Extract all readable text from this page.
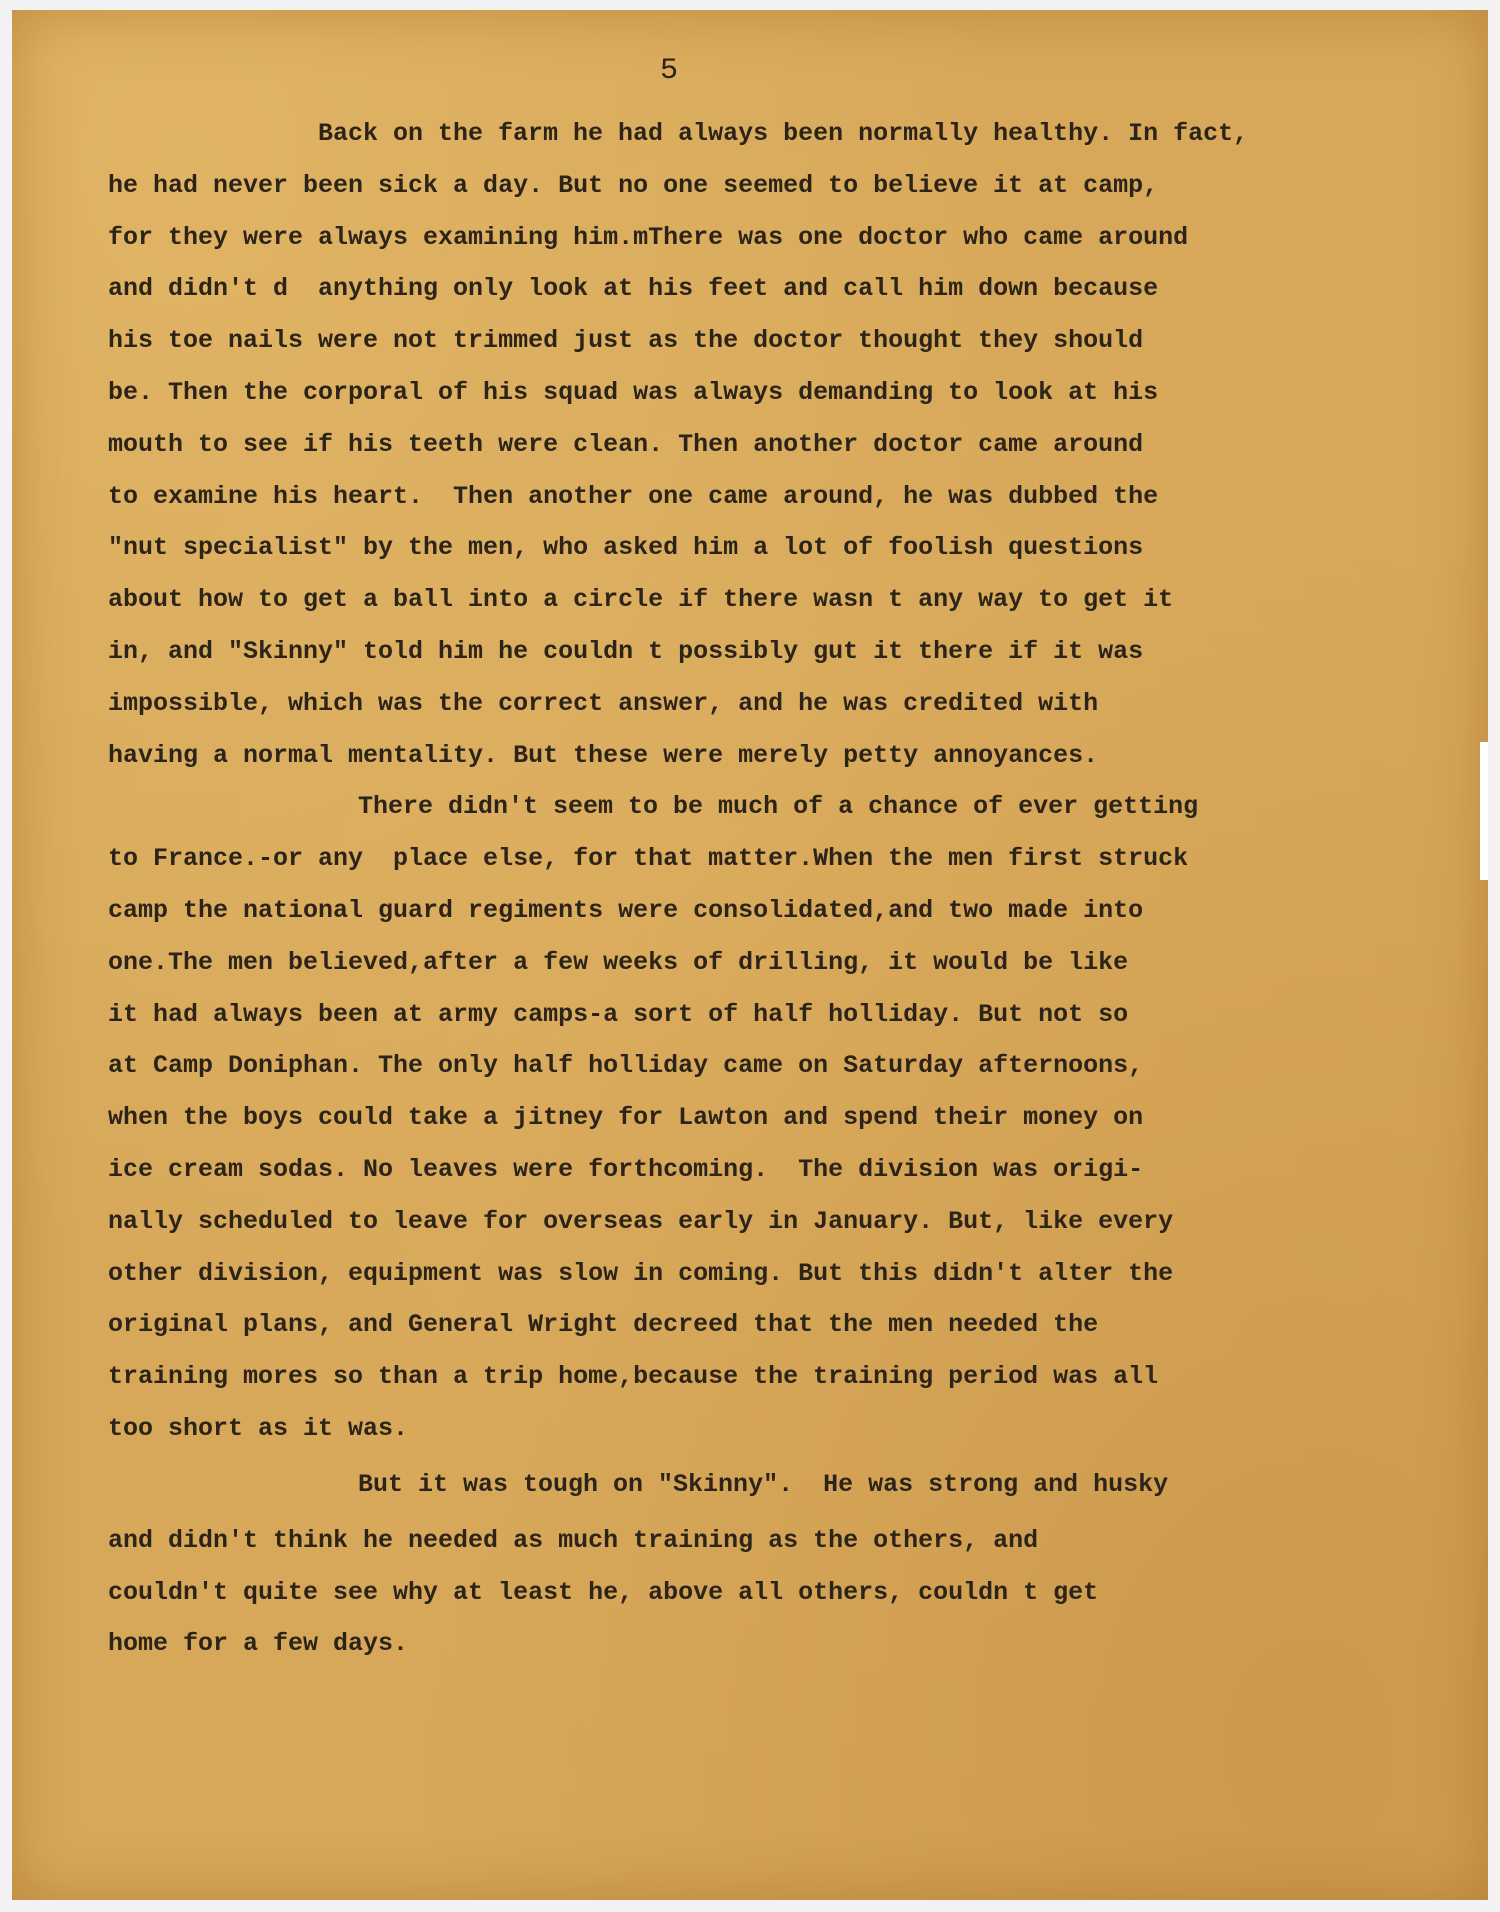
5
Back on the farm he had always been normally healthy. In fact,
he had never been sick a day. But no one seemed to believe it at camp,
for they were always examining him.mThere was one doctor who came around
and didn't d  anything only look at his feet and call him down because
his toe nails were not trimmed just as the doctor thought they should
be. Then the corporal of his squad was always demanding to look at his
mouth to see if his teeth were clean. Then another doctor came around
to examine his heart.  Then another one came around, he was dubbed the
"nut specialist" by the men, who asked him a lot of foolish questions
about how to get a ball into a circle if there wasn t any way to get it
in, and "Skinny" told him he couldn t possibly gut it there if it was
impossible, which was the correct answer, and he was credited with
having a normal mentality. But these were merely petty annoyances.
There didn't seem to be much of a chance of ever getting
to France.-or any  place else, for that matter.When the men first struck
camp the national guard regiments were consolidated,and two made into
one.The men believed,after a few weeks of drilling, it would be like
it had always been at army camps-a sort of half holliday. But not so
at Camp Doniphan. The only half holliday came on Saturday afternoons,
when the boys could take a jitney for Lawton and spend their money on
ice cream sodas. No leaves were forthcoming.  The division was origi-
nally scheduled to leave for overseas early in January. But, like every
other division, equipment was slow in coming. But this didn't alter the
original plans, and General Wright decreed that the men needed the
training mores so than a trip home,because the training period was all
too short as it was.
But it was tough on "Skinny".  He was strong and husky
and didn't think he needed as much training as the others, and
couldn't quite see why at least he, above all others, couldn t get
home for a few days.
